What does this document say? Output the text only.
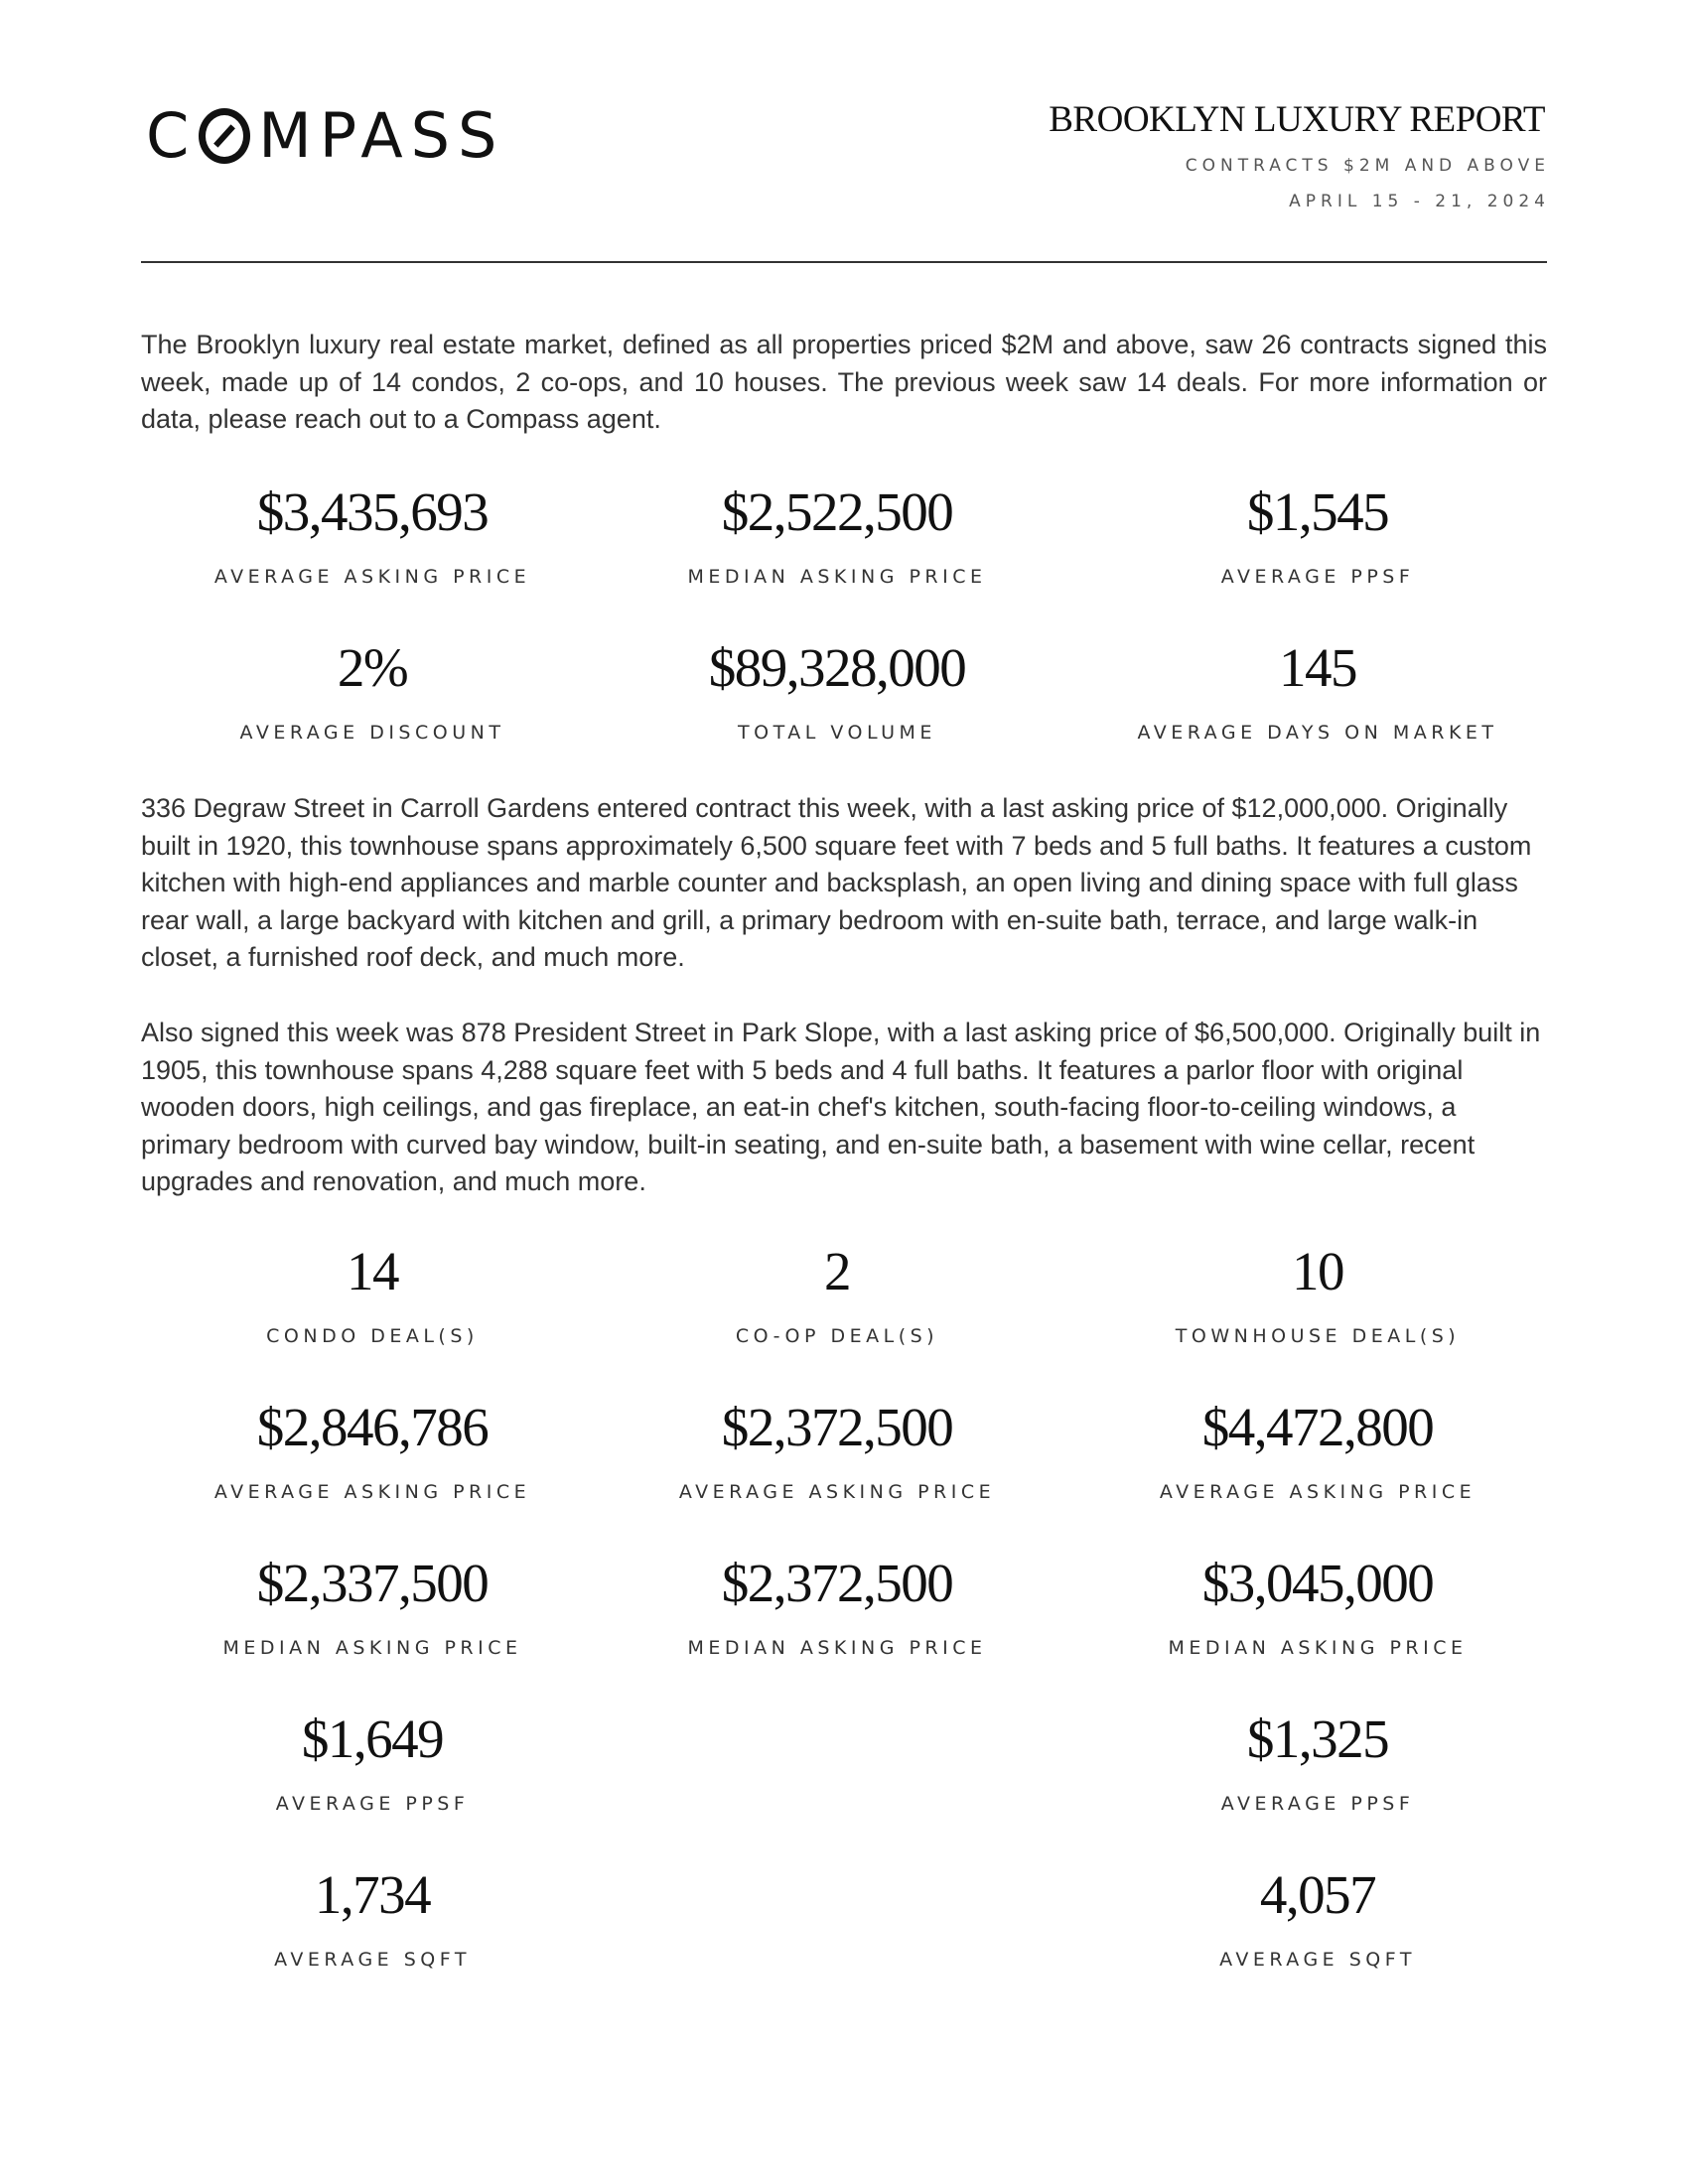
C MPASS	BROOKLYN LUXURY REPORT
CONTRACTS $2M AND ABOVE
APRIL 15 - 21, 2024

The Brooklyn luxury real estate market, defined as all properties priced $2M and above, saw 26 contracts signed this week, made up of 14 condos, 2 co-ops, and 10 houses. The previous week saw 14 deals. For more information or data, please reach out to a Compass agent.

$3,435,693
AVERAGE ASKING PRICE
$2,522,500
MEDIAN ASKING PRICE
$1,545
AVERAGE PPSF
2%
AVERAGE DISCOUNT
$89,328,000
TOTAL VOLUME
145
AVERAGE DAYS ON MARKET

336 Degraw Street in Carroll Gardens entered contract this week, with a last asking price of $12,000,000. Originally built in 1920, this townhouse spans approximately 6,500 square feet with 7 beds and 5 full baths. It features a custom kitchen with high-end appliances and marble counter and backsplash, an open living and dining space with full glass rear wall, a large backyard with kitchen and grill, a primary bedroom with en-suite bath, terrace, and large walk-in closet, a furnished roof deck, and much more.

Also signed this week was 878 President Street in Park Slope, with a last asking price of $6,500,000. Originally built in 1905, this townhouse spans 4,288 square feet with 5 beds and 4 full baths. It features a parlor floor with original wooden doors, high ceilings, and gas fireplace, an eat-in chef's kitchen, south-facing floor-to-ceiling windows, a primary bedroom with curved bay window, built-in seating, and en-suite bath, a basement with wine cellar, recent upgrades and renovation, and much more.

14
CONDO DEAL(S)
2
CO-OP DEAL(S)
10
TOWNHOUSE DEAL(S)
$2,846,786
AVERAGE ASKING PRICE
$2,372,500
AVERAGE ASKING PRICE
$4,472,800
AVERAGE ASKING PRICE
$2,337,500
MEDIAN ASKING PRICE
$2,372,500
MEDIAN ASKING PRICE
$3,045,000
MEDIAN ASKING PRICE
$1,649
AVERAGE PPSF
$1,325
AVERAGE PPSF
1,734
AVERAGE SQFT
4,057
AVERAGE SQFT
